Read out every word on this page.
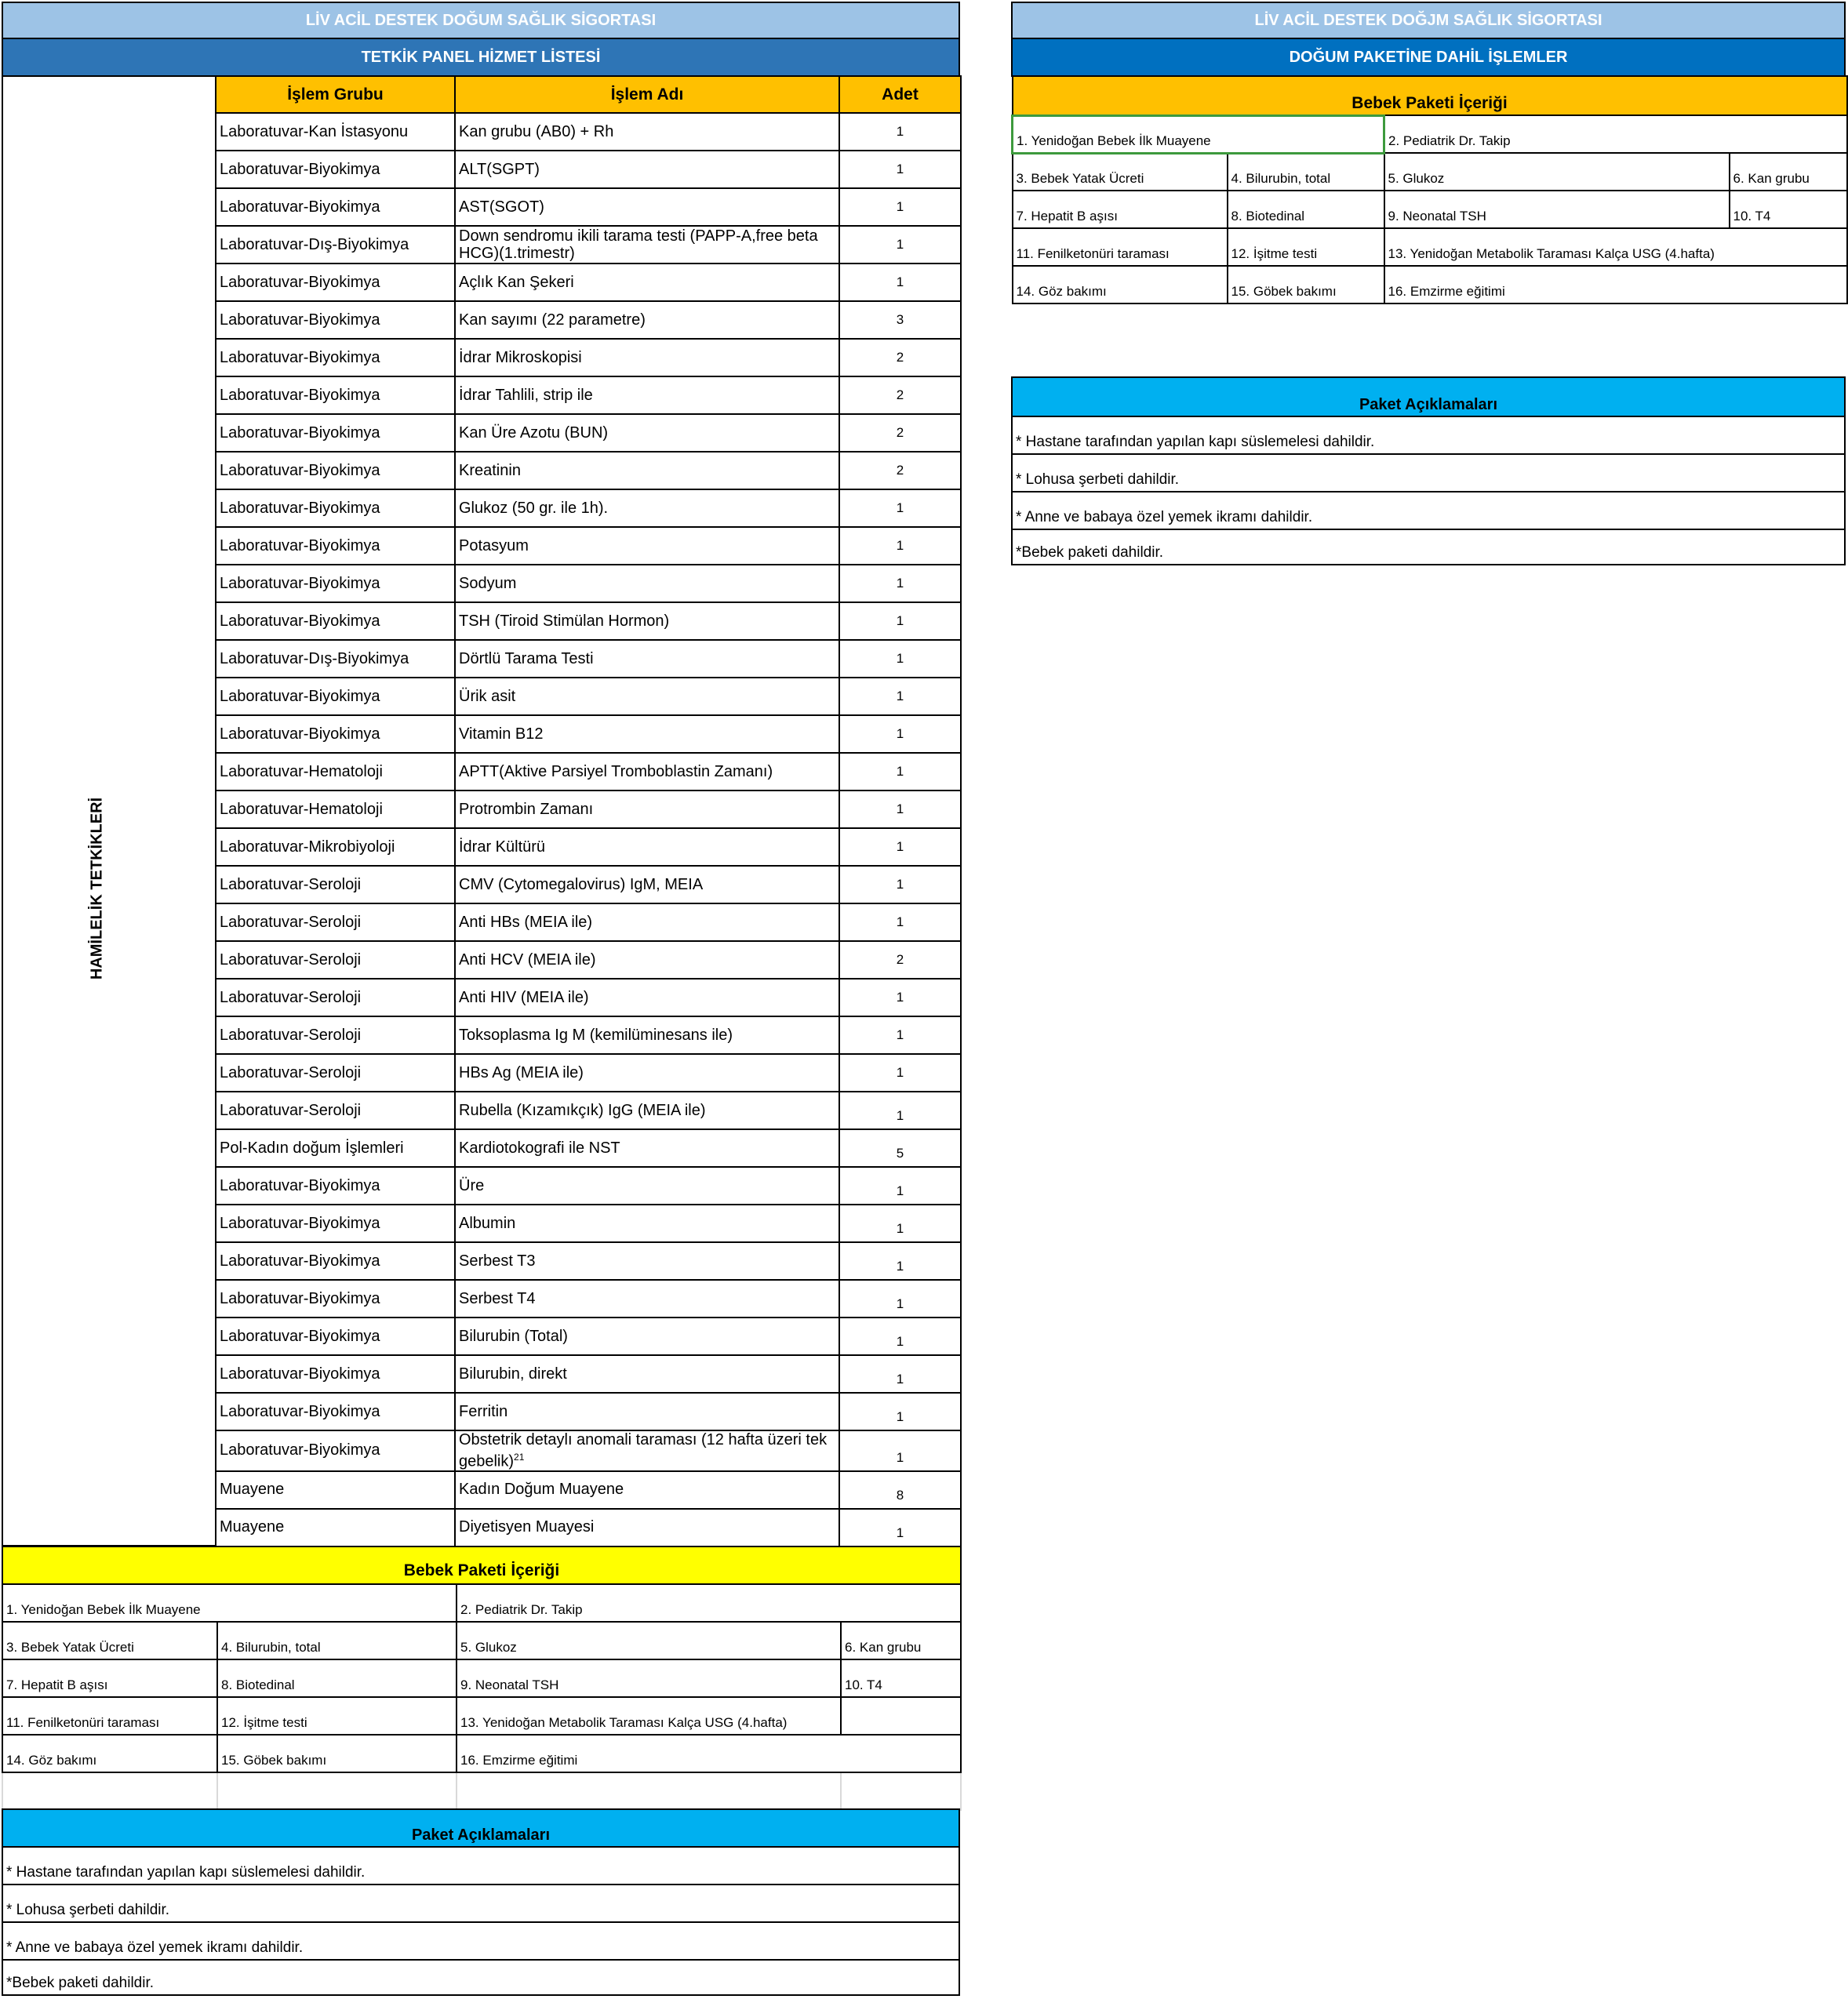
LİV ACİL DESTEK DOĞUM SAĞLIK SİGORTASI
TETKİK PANEL HİZMET LİSTESİ
HAMİLELİK TETKİKLERİ
İşlem Grubu	İşlem Adı	Adet
Laboratuvar-Kan İstasyonu	Kan grubu (AB0) + Rh	1
Laboratuvar-Biyokimya	ALT(SGPT)	1
Laboratuvar-Biyokimya	AST(SGOT)	1
Laboratuvar-Dış-Biyokimya	Down sendromu ikili tarama testi (PAPP-A,free beta HCG)(1.trimestr)	1
Laboratuvar-Biyokimya	Açlık Kan Şekeri	1
Laboratuvar-Biyokimya	Kan sayımı (22 parametre)	3
Laboratuvar-Biyokimya	İdrar Mikroskopisi	2
Laboratuvar-Biyokimya	İdrar Tahlili, strip ile	2
Laboratuvar-Biyokimya	Kan Üre Azotu (BUN)	2
Laboratuvar-Biyokimya	Kreatinin	2
Laboratuvar-Biyokimya	Glukoz (50 gr. ile 1h).	1
Laboratuvar-Biyokimya	Potasyum	1
Laboratuvar-Biyokimya	Sodyum	1
Laboratuvar-Biyokimya	TSH (Tiroid Stimülan Hormon)	1
Laboratuvar-Dış-Biyokimya	Dörtlü Tarama Testi	1
Laboratuvar-Biyokimya	Ürik asit	1
Laboratuvar-Biyokimya	Vitamin B12	1
Laboratuvar-Hematoloji	APTT(Aktive Parsiyel Tromboblastin Zamanı)	1
Laboratuvar-Hematoloji	Protrombin Zamanı	1
Laboratuvar-Mikrobiyoloji	İdrar Kültürü	1
Laboratuvar-Seroloji	CMV (Cytomegalovirus) IgM, MEIA	1
Laboratuvar-Seroloji	Anti HBs (MEIA ile)	1
Laboratuvar-Seroloji	Anti HCV (MEIA ile)	2
Laboratuvar-Seroloji	Anti HIV (MEIA ile)	1
Laboratuvar-Seroloji	Toksoplasma Ig M (kemilüminesans ile)	1
Laboratuvar-Seroloji	HBs Ag (MEIA ile)	1
Laboratuvar-Seroloji	Rubella (Kızamıkçık) IgG (MEIA ile)	1
Pol-Kadın doğum İşlemleri	Kardiotokografi ile NST	5
Laboratuvar-Biyokimya	Üre	1
Laboratuvar-Biyokimya	Albumin	1
Laboratuvar-Biyokimya	Serbest T3	1
Laboratuvar-Biyokimya	Serbest T4	1
Laboratuvar-Biyokimya	Bilurubin (Total)	1
Laboratuvar-Biyokimya	Bilurubin, direkt	1
Laboratuvar-Biyokimya	Ferritin	1
Laboratuvar-Biyokimya	Obstetrik detaylı anomali taraması (12 hafta üzeri tek gebelik)$^{21}$	1
Muayene	Kadın Doğum Muayene	8
Muayene	Diyetisyen Muayesi	1
Bebek Paketi İçeriği			
1. Yenidoğan Bebek İlk Muayene		2. Pediatrik Dr. Takip	
3. Bebek Yatak Ücreti	4. Bilurubin, total	5. Glukoz	6. Kan grubu
7. Hepatit B aşısı	8. Biotedinal	9. Neonatal TSH	10. T4
11. Fenilketonüri taraması	12. İşitme testi	13. Yenidoğan Metabolik Taraması Kalça USG (4.hafta)	
14. Göz bakımı	15. Göbek bakımı	16. Emzirme eğitimi	

Paket Açıklamaları
* Hastane tarafından yapılan kapı süslemelesi dahildir.
* Lohusa şerbeti dahildir.
* Anne ve babaya özel yemek ikramı dahildir.
*Bebek paketi dahildir.
LİV ACİL DESTEK DOĞJM SAĞLIK SİGORTASI
DOĞUM PAKETİNE DAHİL İŞLEMLER
Bebek Paketi İçeriği			
1. Yenidoğan Bebek İlk Muayene		2. Pediatrik Dr. Takip	
3. Bebek Yatak Ücreti	4. Bilurubin, total	5. Glukoz	6. Kan grubu
7. Hepatit B aşısı	8. Biotedinal	9. Neonatal TSH	10. T4
11. Fenilketonüri taraması	12. İşitme testi	13. Yenidoğan Metabolik Taraması Kalça USG (4.hafta)	
14. Göz bakımı	15. Göbek bakımı	16. Emzirme eğitimi	
Paket Açıklamaları
* Hastane tarafından yapılan kapı süslemelesi dahildir.
* Lohusa şerbeti dahildir.
* Anne ve babaya özel yemek ikramı dahildir.
*Bebek paketi dahildir.
